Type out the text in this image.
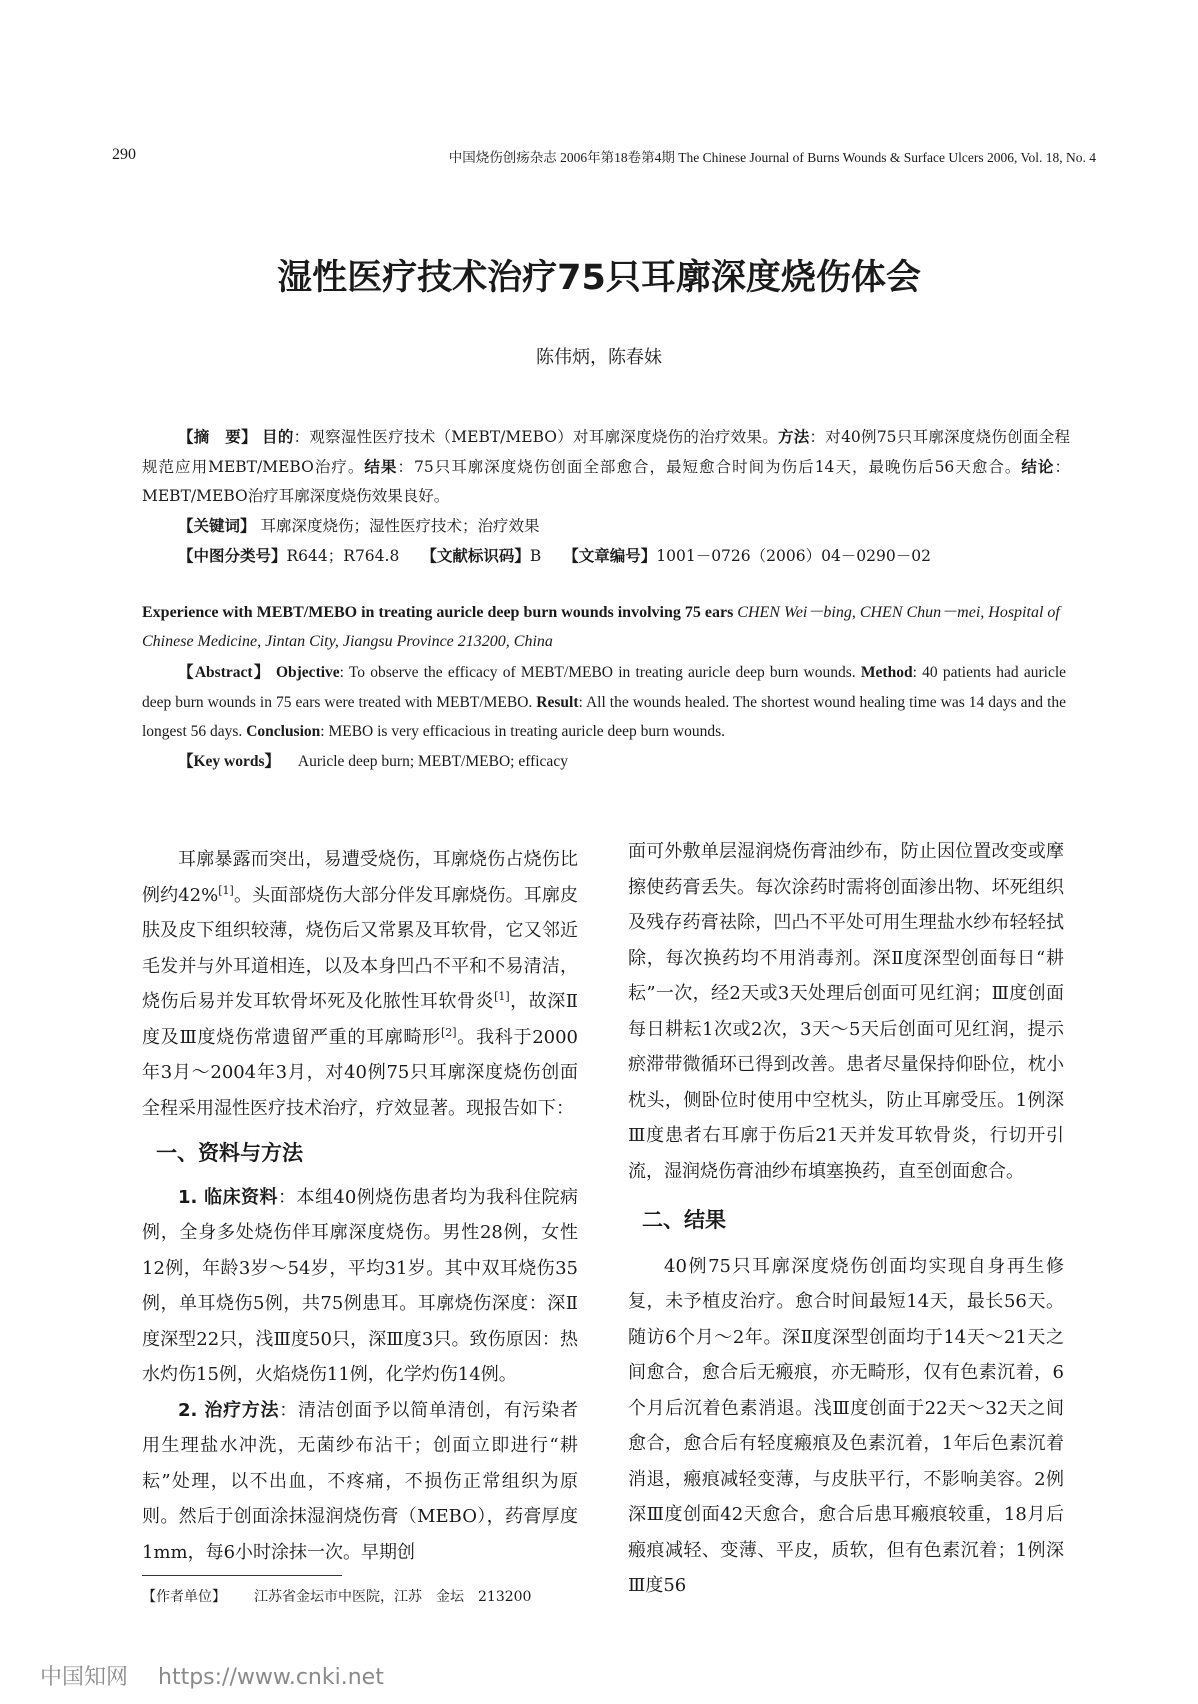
290	中国烧伤创疡杂志 2006年第18卷第4期 The Chinese Journal of Burns Wounds & Surface Ulcers 2006, Vol. 18, No. 4
湿性医疗技术治疗75只耳廓深度烧伤体会
陈伟炳，陈春妹

【摘　要】 目的：观察湿性医疗技术（MEBT/MEBO）对耳廓深度烧伤的治疗效果。方法：对40例75只耳廓深度烧伤创面全程规范应用MEBT/MEBO治疗。结果：75只耳廓深度烧伤创面全部愈合，最短愈合时间为伤后14天，最晚伤后56天愈合。结论：MEBT/MEBO治疗耳廓深度烧伤效果良好。

【关键词】 耳廓深度烧伤；湿性医疗技术；治疗效果

【中图分类号】R644；R764.8 【文献标识码】B 【文章编号】1001－0726（2006）04－0290－02

Experience with MEBT/MEBO in treating auricle deep burn wounds involving 75 ears CHEN Wei－bing, CHEN Chun－mei, Hospital of Chinese Medicine, Jintan City, Jiangsu Province 213200, China

【Abstract】 Objective: To observe the efficacy of MEBT/MEBO in treating auricle deep burn wounds. Method: 40 patients had auricle deep burn wounds in 75 ears were treated with MEBT/MEBO. Result: All the wounds healed. The shortest wound healing time was 14 days and the longest 56 days. Conclusion: MEBO is very efficacious in treating auricle deep burn wounds.

【Key words】 Auricle deep burn; MEBT/MEBO; efficacy

耳廓暴露而突出，易遭受烧伤，耳廓烧伤占烧伤比例约42%[1]。头面部烧伤大部分伴发耳廓烧伤。耳廓皮肤及皮下组织较薄，烧伤后又常累及耳软骨，它又邻近毛发并与外耳道相连，以及本身凹凸不平和不易清洁，烧伤后易并发耳软骨坏死及化脓性耳软骨炎[1]，故深Ⅱ度及Ⅲ度烧伤常遗留严重的耳廓畸形[2]。我科于2000年3月～2004年3月，对40例75只耳廓深度烧伤创面全程采用湿性医疗技术治疗，疗效显著。现报告如下：

一、资料与方法

1. 临床资料：本组40例烧伤患者均为我科住院病例，全身多处烧伤伴耳廓深度烧伤。男性28例，女性12例，年龄3岁～54岁，平均31岁。其中双耳烧伤35例，单耳烧伤5例，共75例患耳。耳廓烧伤深度：深Ⅱ度深型22只，浅Ⅲ度50只，深Ⅲ度3只。致伤原因：热水灼伤15例，火焰烧伤11例，化学灼伤14例。

2. 治疗方法：清洁创面予以简单清创，有污染者用生理盐水冲洗，无菌纱布沾干；创面立即进行“耕耘”处理，以不出血，不疼痛，不损伤正常组织为原则。然后于创面涂抹湿润烧伤膏（MEBO），药膏厚度1mm，每6小时涂抹一次。早期创

面可外敷单层湿润烧伤膏油纱布，防止因位置改变或摩擦使药膏丢失。每次涂药时需将创面渗出物、坏死组织及残存药膏祛除，凹凸不平处可用生理盐水纱布轻轻拭除，每次换药均不用消毒剂。深Ⅱ度深型创面每日“耕耘”一次，经2天或3天处理后创面可见红润；Ⅲ度创面每日耕耘1次或2次，3天～5天后创面可见红润，提示瘀滞带微循环已得到改善。患者尽量保持仰卧位，枕小枕头，侧卧位时使用中空枕头，防止耳廓受压。1例深Ⅲ度患者右耳廓于伤后21天并发耳软骨炎，行切开引流，湿润烧伤膏油纱布填塞换药，直至创面愈合。

二、结果

40例75只耳廓深度烧伤创面均实现自身再生修复，未予植皮治疗。愈合时间最短14天，最长56天。随访6个月～2年。深Ⅱ度深型创面均于14天～21天之间愈合，愈合后无瘢痕，亦无畸形，仅有色素沉着，6个月后沉着色素消退。浅Ⅲ度创面于22天～32天之间愈合，愈合后有轻度瘢痕及色素沉着，1年后色素沉着消退，瘢痕减轻变薄，与皮肤平行，不影响美容。2例深Ⅲ度创面42天愈合，愈合后患耳瘢痕较重，18月后瘢痕减轻、变薄、平皮，质软，但有色素沉着；1例深Ⅲ度56

【作者单位】 江苏省金坛市中医院，江苏　金坛　213200
中国知网 https://www.cnki.net
